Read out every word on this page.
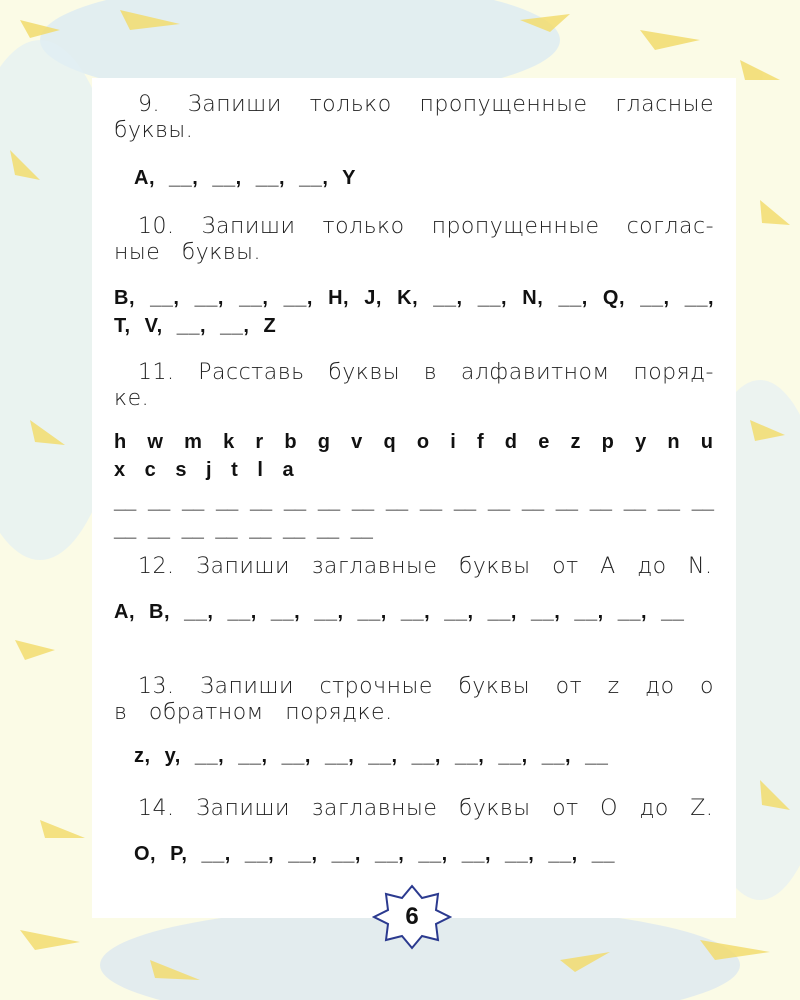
9. Запиши только пропущенные гласные буквы.
A, __, __, __, __, Y
10. Запиши только пропущенные соглас-ные буквы.
B, __, __, __, __, H, J, K, __, __, N, __, Q, __, __, T, V, __, __, Z
11. Расставь буквы в алфавитном поряд-ке.
h w m k r b g v q o i f d e z p y n u x c s j t l a
__ __ __ __ __ __ __ __ __ __ __ __ __ __ __ __ __ __ __ __ __ __ __ __ __ __
12. Запиши заглавные буквы от A до N.
A, B, __, __, __, __, __, __, __, __, __, __, __, __
13. Запиши строчные буквы от z до o в обратном порядке.
z, y, __, __, __, __, __, __, __, __, __, __
14. Запиши заглавные буквы от O до Z.
O, P, __, __, __, __, __, __, __, __, __, __
6
